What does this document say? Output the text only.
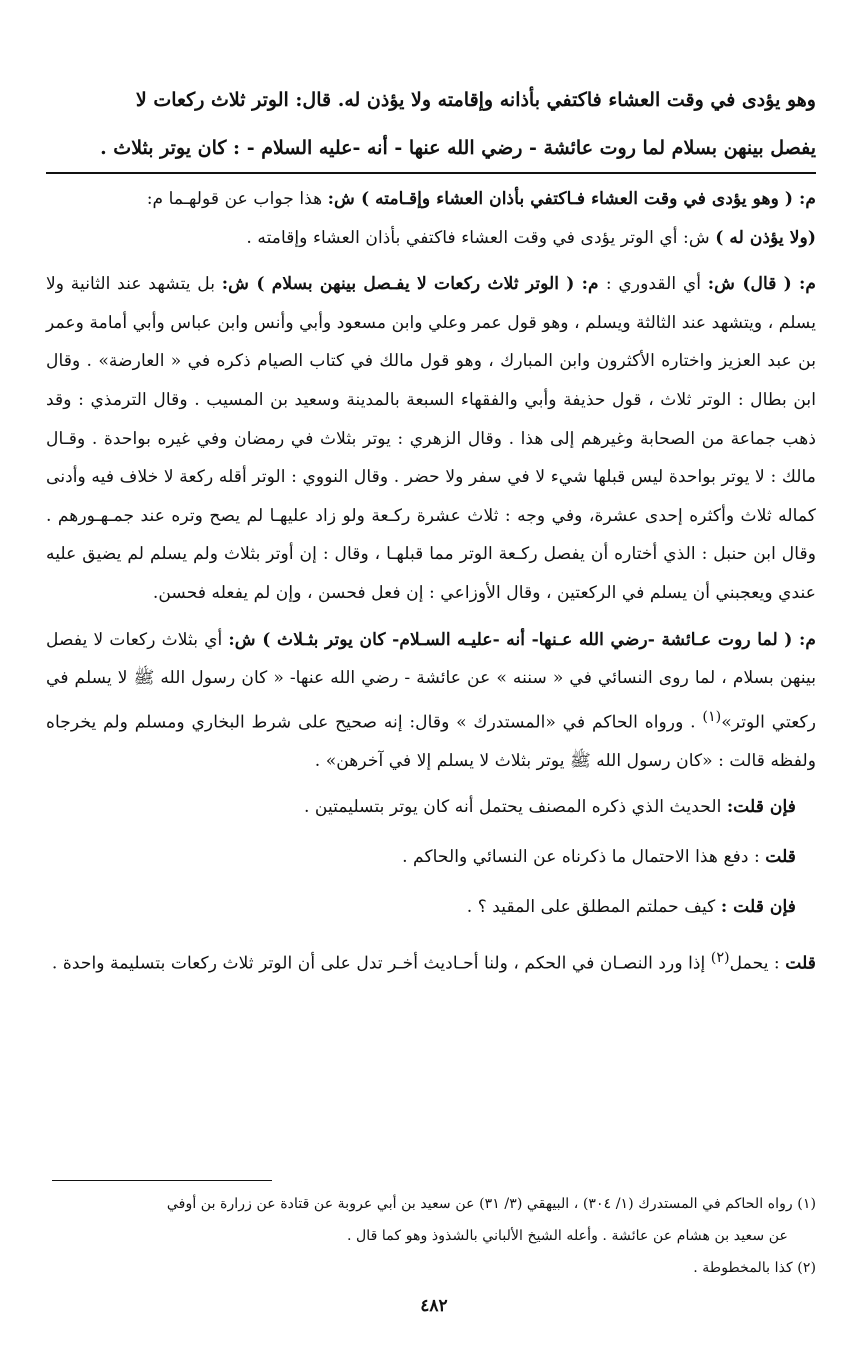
وهو يؤدى في وقت العشاء فاكتفي بأذانه وإقامته ولا يؤذن له. قال: الوتر ثلاث ركعات لا
يفصل بينهن بسلام لما روت عائشة - رضي الله عنها - أنه -عليه السلام - : كان يوتر بثلاث .

م: ( وهو يؤدى في وقت العشاء فـاكتفي بأذان العشاء وإقـامته ) ش: هذا جواب عن قولهـما م:
(ولا يؤذن له ) ش: أي الوتر يؤدى في وقت العشاء فاكتفي بأذان العشاء وإقامته .

م: ( قال) ش: أي القدوري : م: ( الوتر ثلاث ركعات لا يفـصل بينهن بسلام ) ش: بل يتشهد عند الثانية ولا يسلم ، ويتشهد عند الثالثة ويسلم ، وهو قول عمر وعلي وابن مسعود وأبي وأنس وابن عباس وأبي أمامة وعمر بن عبد العزيز واختاره الأكثرون وابن المبارك ، وهو قول مالك في كتاب الصيام ذكره في « العارضة» . وقال ابن بطال : الوتر ثلاث ، قول حذيفة وأبي والفقهاء السبعة بالمدينة وسعيد بن المسيب . وقال الترمذي : وقد ذهب جماعة من الصحابة وغيرهم إلى هذا . وقال الزهري : يوتر بثلاث في رمضان وفي غيره بواحدة . وقـال مالك : لا يوتر بواحدة ليس قبلها شيء لا في سفر ولا حضر . وقال النووي : الوتر أقله ركعة لا خلاف فيه وأدنى كماله ثلاث وأكثره إحدى عشرة، وفي وجه : ثلاث عشرة ركـعة ولو زاد عليهـا لم يصح وتره عند جمـهـورهم . وقال ابن حنبل : الذي أختاره أن يفصل ركـعة الوتر مما قبلهـا ، وقال : إن أوتر بثلاث ولم يسلم لم يضيق عليه عندي ويعجبني أن يسلم في الركعتين ، وقال الأوزاعي : إن فعل فحسن ، وإن لم يفعله فحسن.

م: ( لما روت عـائشة -رضي الله عـنها- أنه -عليـه السـلام- كان يوتر بثـلاث ) ش: أي بثلاث ركعات لا يفصل بينهن بسلام ، لما روى النسائي في « سننه » عن عائشة - رضي الله عنها- « كان رسول الله ﷺ لا يسلم في ركعتي الوتر»$^{(١)}$ . ورواه الحاكم في «المستدرك » وقال: إنه صحيح على شرط البخاري ومسلم ولم يخرجاه ولفظه قالت : «كان رسول الله ﷺ يوتر بثلاث لا يسلم إلا في آخرهن» .

فإن قلت: الحديث الذي ذكره المصنف يحتمل أنه كان يوتر بتسليمتين .

قلت : دفع هذا الاحتمال ما ذكرناه عن النسائي والحاكم .

فإن قلت : كيف حملتم المطلق على المقيد ؟ .

قلت : يحمل$^{(٢)}$ إذا ورد النصـان في الحكم ، ولنا أحـاديث أخـر تدل على أن الوتر ثلاث ركعات بتسليمة واحدة .

(١) رواه الحاكم في المستدرك (١/ ٣٠٤) ، البيهقي (٣/ ٣١) عن سعيد بن أبي عروبة عن قتادة عن زرارة بن أوفي
عن سعيد بن هشام عن عائشة . وأعله الشيخ الألباني بالشذوذ وهو كما قال .
(٢) كذا بالمخطوطة .
٤٨٢
